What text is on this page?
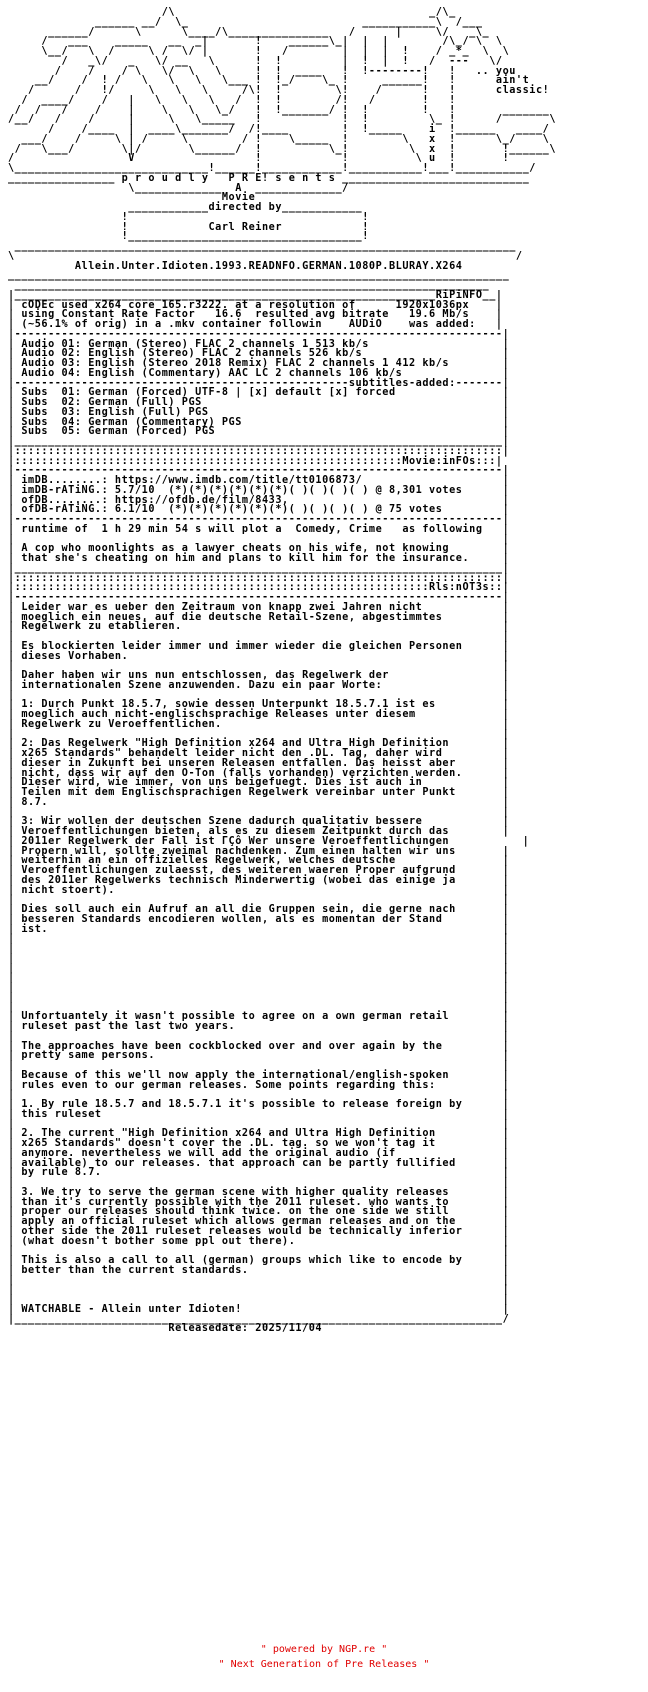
/\                                      _/\_
______ __/  \_                          ___________\  /___
______/      \      \____/\_______________   /      |     \/   _\_
/   ___    _____   __  _|       !    ______\_|  |  |        /\_/ \  \
\__/   \  /     \ /  \/ |       !   /        |  |  |  !    / _*_  \  \
/   _\/   _   \/ __   \      !  !         |  !  |  !   /  ---   \/
/    /    / \   \/  \   \     !  !  ____   !  !--------!   !   .. you
__/    /  ! /   \   \   \   \___ !  !_/    \_ !     ______!   !      ain't
/      /   !/     \   \   \     /\!  !        \!    /      !   !      classic!
/  ____/    /   |   \   \   \   /  !  !        /!   /       !   !
/  /   /    /    |    \   \   \_/   !  !_______/ !  !        !   !       _______
/__/   /    /     |     \   \_____   !            !  !         \_ !      /       \
/    /____  |  ____\_______/  /!____        !  !_____    i  !______   ____/
___/    /     \ | /     \        / !    \_____  !        \   x  !      \_/    \
/   \___/       \|/       \______/  !          \_!         \  x  !       !______\
/                 V                  !            !          \ u  !       !
\_____________________________!______!____________!___________!___!___________/
________________ p r o u d l y   P R E! s e n t s ____________________________
\_____________  A  _____________/
Movie
____________directed by____________
!                                   !
!            Carl Reiner            !
!___________________________________!
___________________________________________________________________________
\                                                                           /
Allein.Unter.Idioten.1993.READNFO.GERMAN.1080P.BLURAY.X264
___________________________________________________________________________
_______________________________________________________________________
|_______________________________________________________________RiPiNFO__|
| cODEc used x264 core 165.r3222. at a resolution of      1920x1036px    |
| using Constant Rate Factor   16.6  resulted avg bitrate   19.6 Mb/s    |
| (~56.1% of orig) in a .mkv container followin    AUDiO    was added:   |
|-------------------------------------------------------------------------|
| Audio 01: German (Stereo) FLAC 2 channels 1 513 kb/s                    |
| Audio 02: English (Stereo) FLAC 2 channels 526 kb/s                     |
| Audio 03: English (Stereo 2018 Remix) FLAC 2 channels 1 412 kb/s        |
| Audio 04: English (Commentary) AAC LC 2 channels 106 kb/s               |
|--------------------------------------------------subtitles-added:-------|
| Subs  01: German (Forced) UTF-8 | [x] default [x] forced                |
| Subs  02: German (Full) PGS                                             |
| Subs  03: English (Full) PGS                                            |
| Subs  04: German (Commentary) PGS                                       |
| Subs  05: German (Forced) PGS                                           |
|_________________________________________________________________________|
|:::::::::::::::::::::::::::::::::::::::::::::::::::::::::::::::::::::::::|
|::::::::::::::::::::::::::::::::::::::::::::::::::::::::::Movie:inFOs:::|
|-------------------------------------------------------------------------|
| imDB........: https://www.imdb.com/title/tt0106873/                     |
| imDB-rATiNG.: 5.7/10  (*)(*)(*)(*)(*)(*)( )( )( )( ) @ 8,301 votes      |
| ofDB........: https://ofdb.de/film/8433,                                |
| ofDB-rATiNG.: 6.1/10  (*)(*)(*)(*)(*)(*)( )( )( )( ) @ 75 votes         |
|-------------------------------------------------------------------------|
| runtime of  1 h 29 min 54 s will plot a  Comedy, Crime   as following   |
|                                                                         |
| A cop who moonlights as a lawyer cheats on his wife, not knowing        |
| that she's cheating on him and plans to kill him for the insurance.     |
|_________________________________________________________________________|
|:::::::::::::::::::::::::::::::::::::::::::::::::::::::::::::::::::::::::|
|::::::::::::::::::::::::::::::::::::::::::::::::::::::::::::::Rls:nOT3s::|
|-------------------------------------------------------------------------|
| Leider war es ueber den Zeitraum von knapp zwei Jahren nicht            |
| moeglich ein neues, auf die deutsche Retail-Szene, abgestimmtes         |
| Regelwerk zu etablieren.                                                |
|                                                                         |
| Es blockierten leider immer und immer wieder die gleichen Personen      |
| dieses Vorhaben.                                                        |
|                                                                         |
| Daher haben wir uns nun entschlossen, das Regelwerk der                 |
| internationalen Szene anzuwenden. Dazu ein paar Worte:                  |
|                                                                         |
| 1: Durch Punkt 18.5.7, sowie dessen Unterpunkt 18.5.7.1 ist es          |
| moeglich auch nicht-englischsprachige Releases unter diesem             |
| Regelwerk zu Veroeffentlichen.                                          |
|                                                                         |
| 2: Das Regelwerk "High Definition x264 and Ultra High Definition        |
| x265 Standards" behandelt leider nicht den .DL. Tag, daher wird         |
| dieser in Zukunft bei unseren Releasen entfallen. Das heisst aber       |
| nicht, dass wir auf den O-Ton (falls vorhanden) verzichten werden.      |
| Dieser wird, wie immer, von uns beigefuegt. Dies ist auch in            |
| Teilen mit dem Englischsprachigen Regelwerk vereinbar unter Punkt       |
| 8.7.                                                                    |
|                                                                         |
| 3: Wir wollen der deutschen Szene dadurch qualitativ bessere            |
| Veroeffentlichungen bieten, als es zu diesem Zeitpunkt durch das        |
| 2011er Regelwerk der Fall ist ΓÇô Wer unsere Veroeffentlichungen           |
| Propern will, sollte zweimal nachdenken. Zum einen halten wir uns       |
| weiterhin an ein offizielles Regelwerk, welches deutsche                |
| Veroeffentlichungen zulaesst, des weiteren waeren Proper aufgrund       |
| des 2011er Regelwerks technisch Minderwertig (wobei das einige ja       |
| nicht stoert).                                                          |
|                                                                         |
| Dies soll auch ein Aufruf an all die Gruppen sein, die gerne nach       |
| besseren Standards encodieren wollen, als es momentan der Stand         |
| ist.                                                                    |
|                                                                         |
|                                                                         |
|                                                                         |
|                                                                         |
|                                                                         |
|                                                                         |
|                                                                         |
|                                                                         |
| Unfortuantely it wasn't possible to agree on a own german retail        |
| ruleset past the last two years.                                        |
|                                                                         |
| The approaches have been cockblocked over and over again by the         |
| pretty same persons.                                                    |
|                                                                         |
| Because of this we'll now apply the international/english-spoken        |
| rules even to our german releases. Some points regarding this:          |
|                                                                         |
| 1. By rule 18.5.7 and 18.5.7.1 it's possible to release foreign by      |
| this ruleset                                                            |
|                                                                         |
| 2. The current "High Definition x264 and Ultra High Definition          |
| x265 Standards" doesn't cover the .DL. tag. so we won't tag it          |
| anymore. nevertheless we will add the original audio (if                |
| available) to our releases. that approach can be partly fullified       |
| by rule 8.7.                                                            |
|                                                                         |
| 3. We try to serve the german scene with higher quality releases        |
| than it's currently possible with the 2011 ruleset. who wants to        |
| proper our releases should think twice. on the one side we still        |
| apply an official ruleset which allows german releases and on the       |
| other side the 2011 ruleset releases would be technically inferior      |
| (what doesn't bother some ppl out there).                               |
|                                                                         |
| This is also a call to all (german) groups which like to encode by      |
| better than the current standards.                                      |
|                                                                         |
|                                                                         |
|                                                                         |
| WATCHABLE - Allein unter Idioten!                                       |
|_________________________________________________________________________/
Releasedate: 2025/11/04
" powered by NGP.re "
" Next Generation of Pre Releases "
